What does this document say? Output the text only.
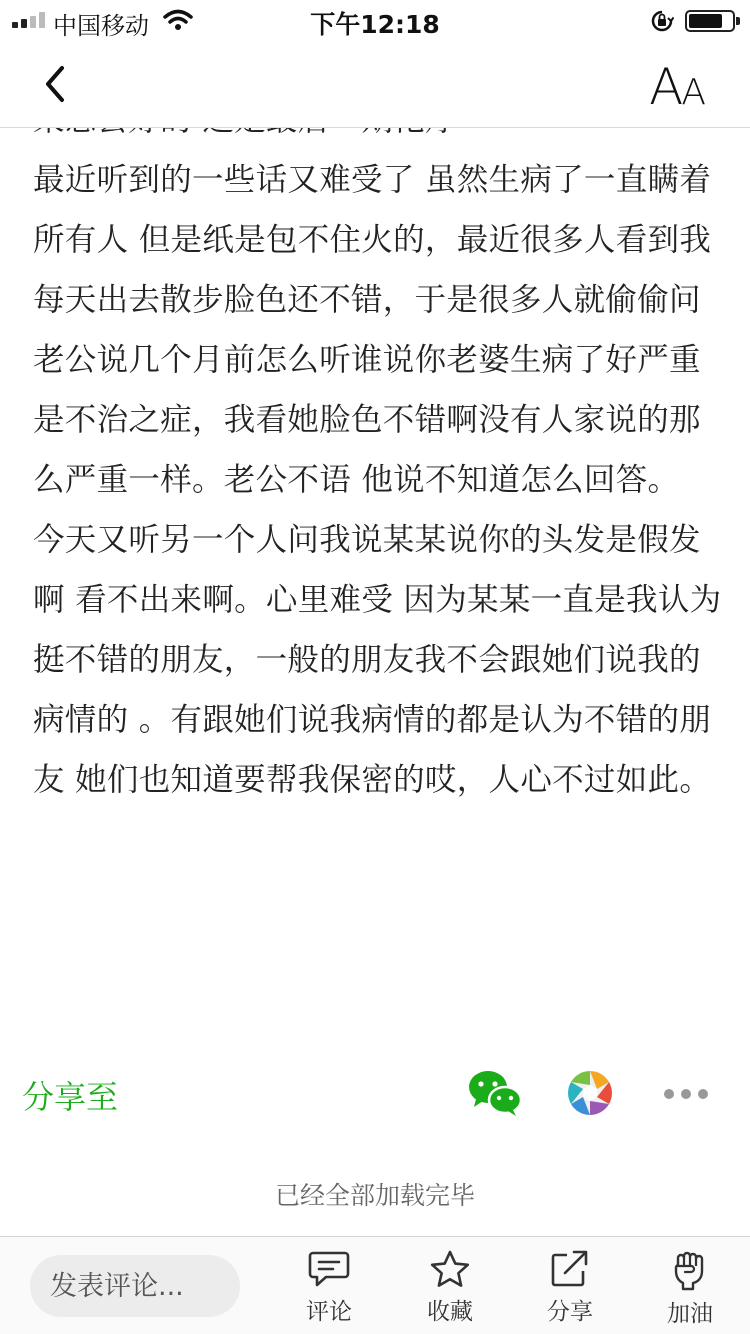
中国移动	下午12:18
AA

最近听到的一些话又难受了 虽然生病了一直瞒着所有人 但是纸是包不住火的，最近很多人看到我每天出去散步脸色还不错，于是很多人就偷偷问老公说几个月前怎么听谁说你老婆生病了好严重是不治之症，我看她脸色不错啊没有人家说的那么严重一样。老公不语 他说不知道怎么回答。

今天又听另一个人问我说某某说你的头发是假发啊 看不出来啊。心里难受 因为某某一直是我认为挺不错的朋友，一般的朋友我不会跟她们说我的病情的 。有跟她们说我病情的都是认为不错的朋友 她们也知道要帮我保密的哎，人心不过如此。

分享至
已经全部加载完毕
发表评论...
评论	收藏	分享	加油
